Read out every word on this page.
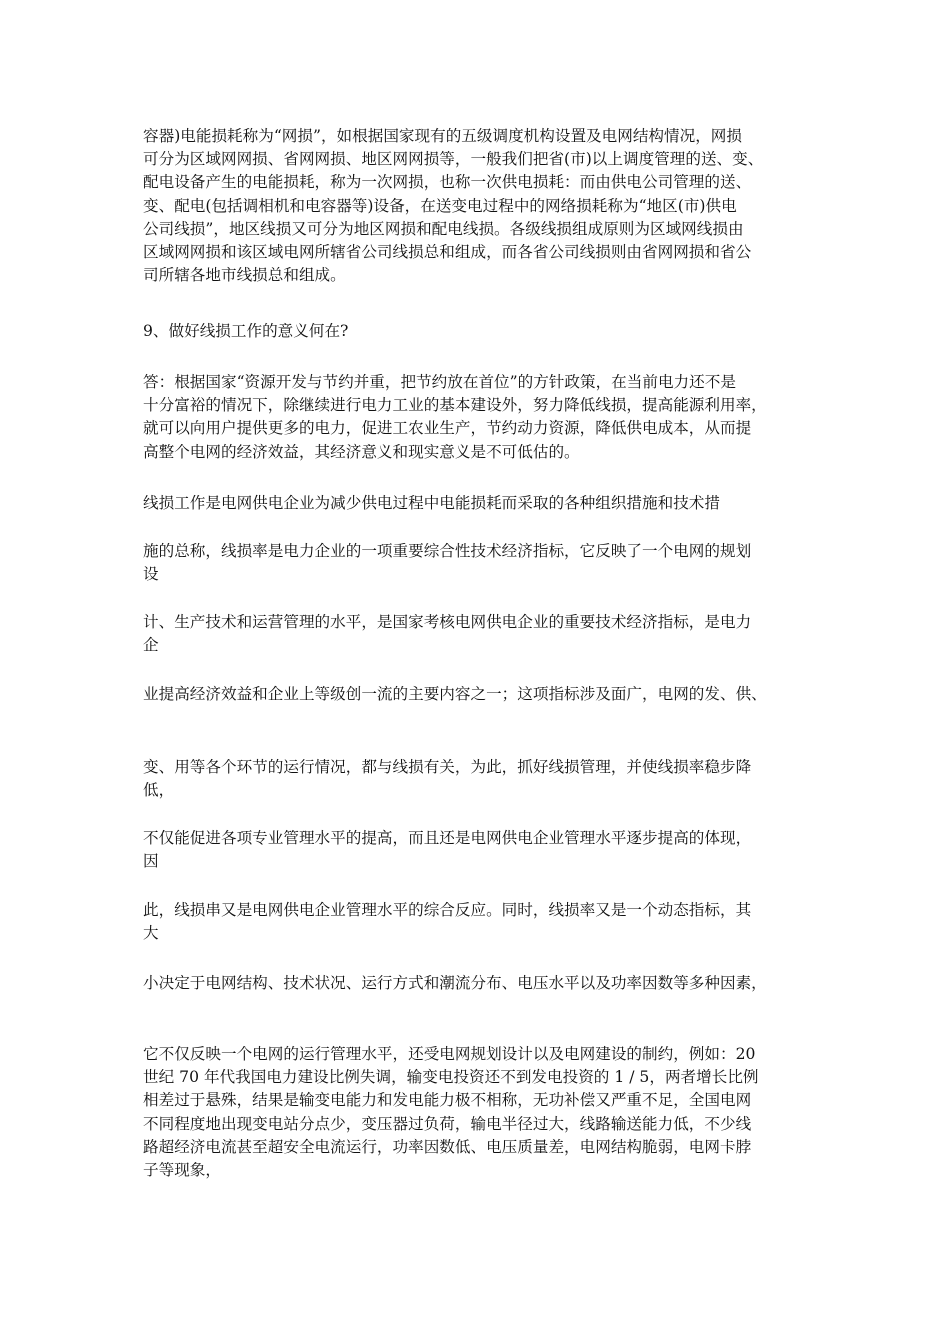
容器)电能损耗称为“网损”，如根据国家现有的五级调度机构设置及电网结构情况，网损
可分为区域网网损、省网网损、地区网网损等，一般我们把省(市)以上调度管理的送、变、
配电设备产生的电能损耗，称为一次网损，也称一次供电损耗：而由供电公司管理的送、
变、配电(包括调相机和电容器等)设备，在送变电过程中的网络损耗称为“地区(市)供电
公司线损”，地区线损又可分为地区网损和配电线损。各级线损组成原则为区域网线损由
区域网网损和该区域电网所辖省公司线损总和组成，而各省公司线损则由省网网损和省公
司所辖各地市线损总和组成。

9、做好线损工作的意义何在?

答：根据国家“资源开发与节约并重，把节约放在首位”的方针政策，在当前电力还不是
十分富裕的情况下，除继续进行电力工业的基本建设外，努力降低线损，提高能源利用率，
就可以向用户提供更多的电力，促进工农业生产，节约动力资源，降低供电成本，从而提
高整个电网的经济效益，其经济意义和现实意义是不可低估的。

线损工作是电网供电企业为减少供电过程中电能损耗而采取的各种组织措施和技术措

施的总称，线损率是电力企业的一项重要综合性技术经济指标，它反映了一个电网的规划
设

计、生产技术和运营管理的水平，是国家考核电网供电企业的重要技术经济指标，是电力
企

业提高经济效益和企业上等级创一流的主要内容之一；这项指标涉及面广，电网的发、供、

变、用等各个环节的运行情况，都与线损有关，为此，抓好线损管理，并使线损率稳步降
低，

不仅能促进各项专业管理水平的提高，而且还是电网供电企业管理水平逐步提高的体现，
因

此，线损串又是电网供电企业管理水平的综合反应。同时，线损率又是一个动态指标，其
大

小决定于电网结构、技术状况、运行方式和潮流分布、电压水平以及功率因数等多种因素，

它不仅反映一个电网的运行管理水平，还受电网规划设计以及电网建设的制约，例如：20
世纪 70 年代我国电力建设比例失调，输变电投资还不到发电投资的 1 / 5，两者增长比例
相差过于悬殊，结果是输变电能力和发电能力极不相称，无功补偿又严重不足，全国电网
不同程度地出现变电站分点少，变压器过负荷，输电半径过大，线路输送能力低，不少线
路超经济电流甚至超安全电流运行，功率因数低、电压质量差，电网结构脆弱，电网卡脖
子等现象，
